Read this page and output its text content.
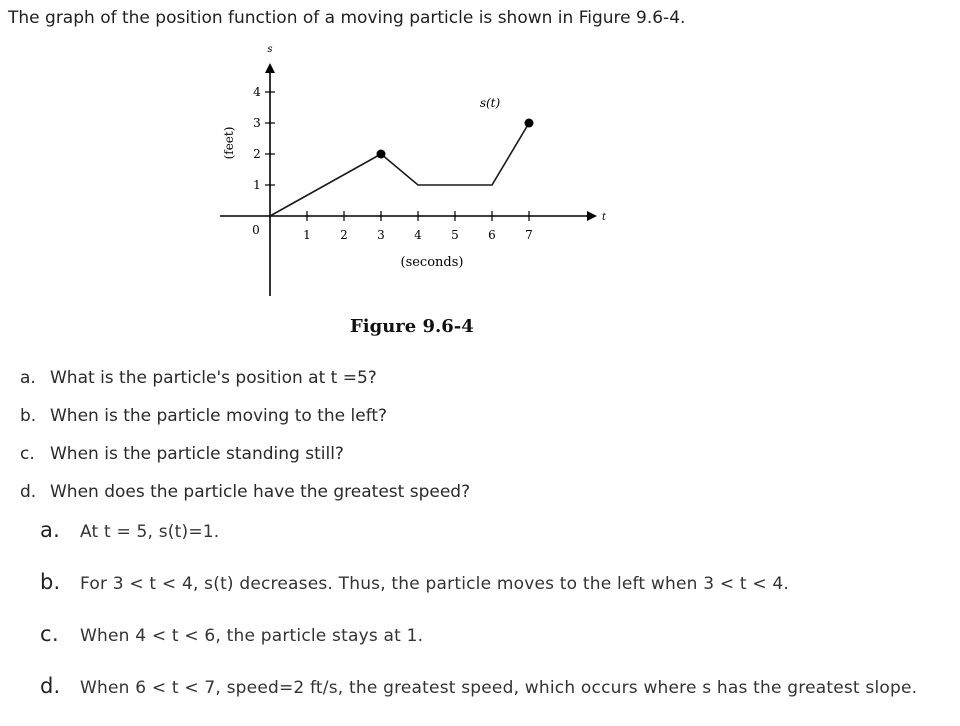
The graph of the position function of a moving particle is shown in Figure 9.6-4.
1 2 3 4 5 6 7
1
2
3
4
s
t
0
(seconds)
(feet)
s(t)
Figure 9.6-4
a. What is the particle's position at t =5?
b. When is the particle moving to the left?
c. When is the particle standing still?
d. When does the particle have the greatest speed?
a. At t = 5, s(t)=1.
b. For 3 < t < 4, s(t) decreases. Thus, the particle moves to the left when 3 < t < 4.
c. When 4 < t < 6, the particle stays at 1.
d. When 6 < t < 7, speed=2 ft/s, the greatest speed, which occurs where s has the greatest slope.
